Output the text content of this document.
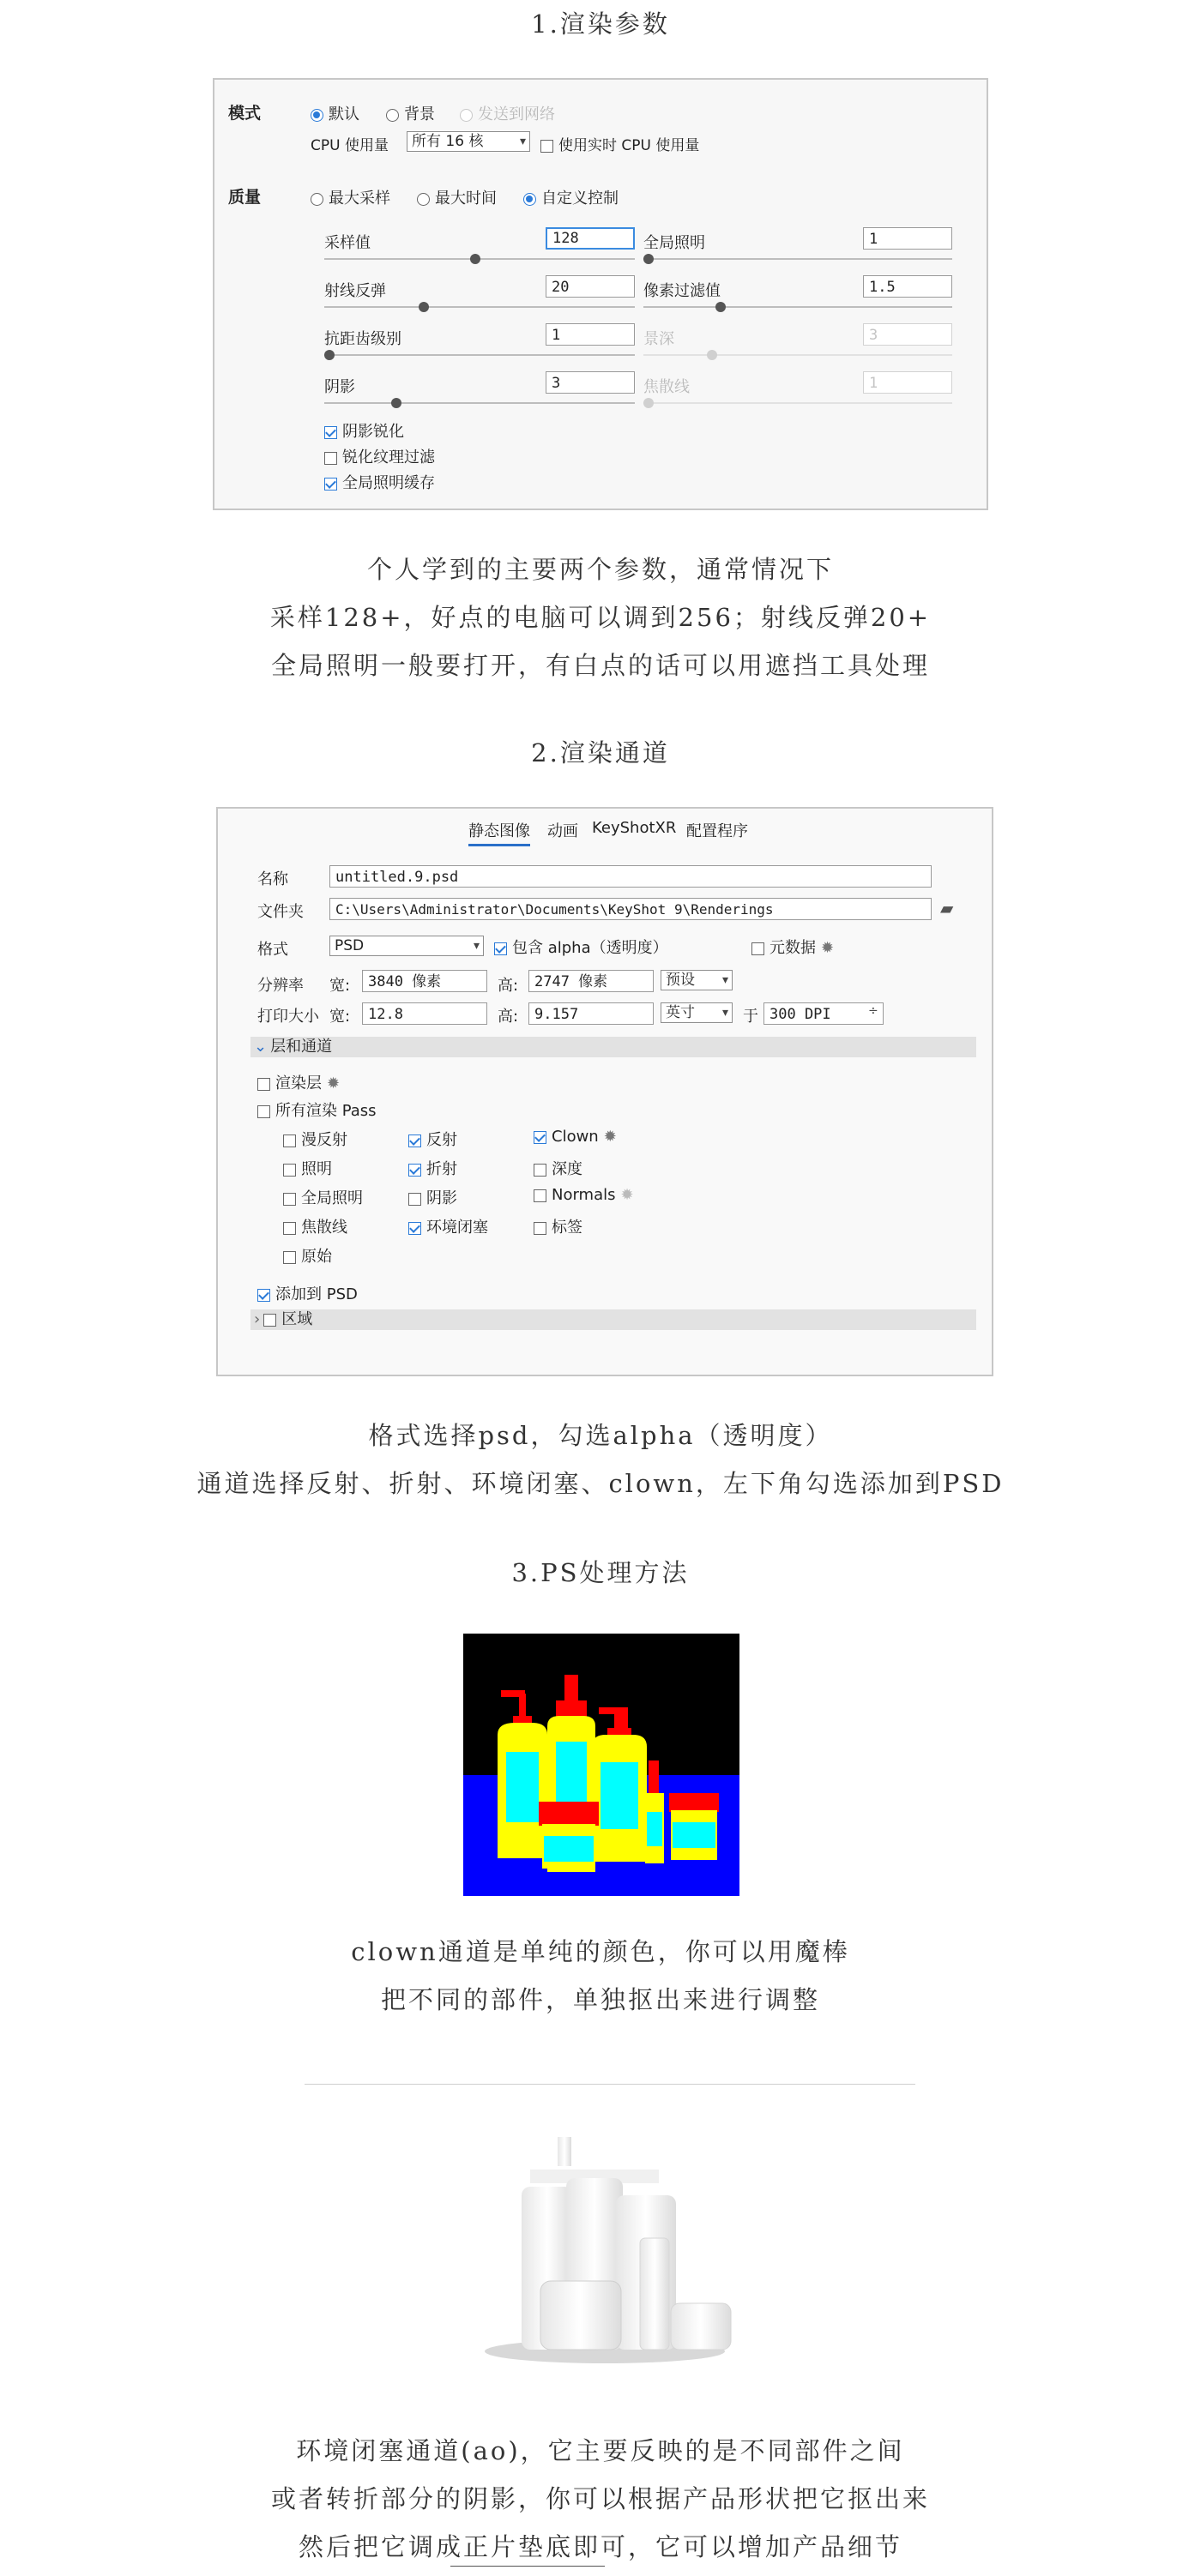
1.渲染参数
模式	默认	背景	发送到网络
CPU 使用量	所有 16 核 ▾	使用实时 CPU 使用量
质量	最大采样	最大时间	自定义控制
采样值	128
射线反弹	20
抗距齿级别	1
阴影	3
全局照明	1
像素过滤值	1.5
景深	3
焦散线	1
阴影锐化
锐化纹理过滤
全局照明缓存
个人学到的主要两个参数，通常情况下
采样128+，好点的电脑可以调到256；射线反弹20+
全局照明一般要打开，有白点的话可以用遮挡工具处理
2.渲染通道
静态图像 动画 KeyShotXR 配置程序
名称	untitled.9.psd
文件夹	C:\Users\Administrator\Documents\KeyShot 9\Renderings	▰
格式	PSD ▾	包含 alpha（透明度）	元数据 ✹
分辨率 宽:	3840 像素	高:	2747 像素	预设 ▾
打印大小 宽:	12.8	高:	9.157	英寸 ▾	于 300 DPI	÷
⌄ 层和通道
渲染层 ✹
所有渲染 Pass
漫反射
照明
全局照明
焦散线
原始
反射
折射
阴影
环境闭塞
Clown ✹
深度
Normals ✹
标签
添加到 PSD
› 区域
格式选择psd，勾选alpha（透明度）
通道选择反射、折射、环境闭塞、clown，左下角勾选添加到PSD
3.PS处理方法
clown通道是单纯的颜色，你可以用魔棒
把不同的部件，单独抠出来进行调整
环境闭塞通道(ao)，它主要反映的是不同部件之间
或者转折部分的阴影，你可以根据产品形状把它抠出来
然后把它调成正片垫底即可，它可以增加产品细节
